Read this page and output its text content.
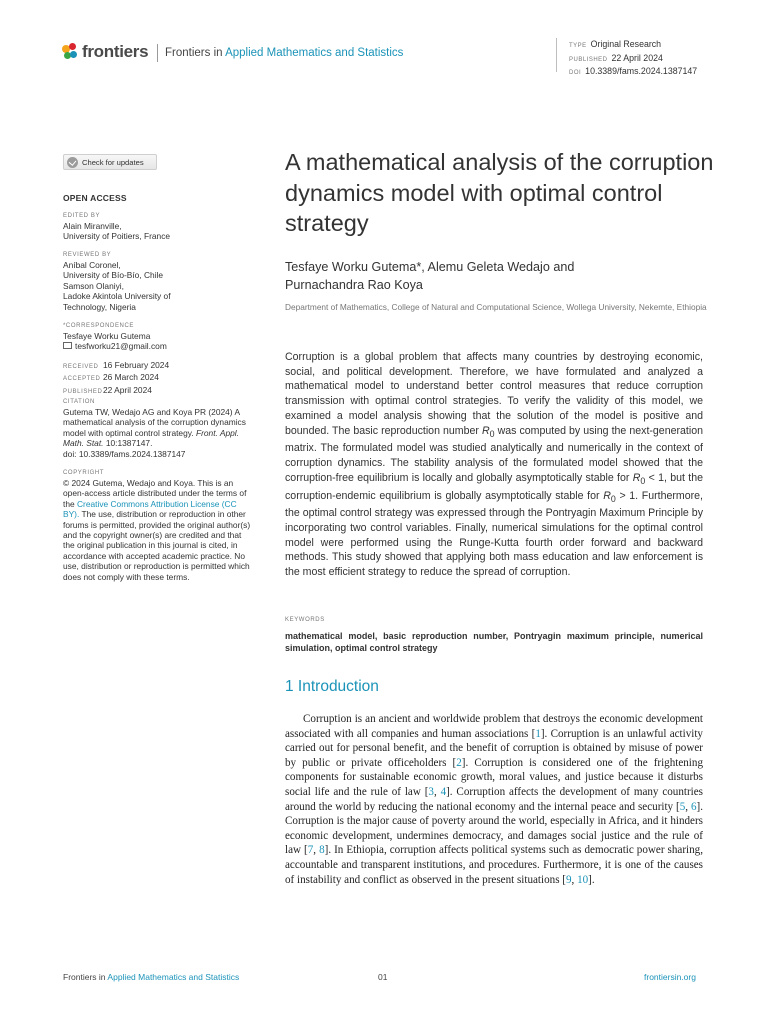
frontiers Frontiers in Applied Mathematics and Statistics
TYPE Original Research
PUBLISHED 22 April 2024
DOI 10.3389/fams.2024.1387147
Check for updates
OPEN ACCESS
EDITED BY
Alain Miranville,
University of Poitiers, France
REVIEWED BY
Aníbal Coronel,
University of Bío-Bío, Chile
Samson Olaniyi,
Ladoke Akintola University of
Technology, Nigeria
*CORRESPONDENCE
Tesfaye Worku Gutema
tesfworku21@gmail.com
RECEIVED 16 February 2024
ACCEPTED 26 March 2024
PUBLISHED22 April 2024
CITATION
Gutema TW, Wedajo AG and Koya PR (2024) A mathematical analysis of the corruption dynamics model with optimal control strategy. Front. Appl. Math. Stat. 10:1387147.
doi: 10.3389/fams.2024.1387147
COPYRIGHT
© 2024 Gutema, Wedajo and Koya. This is an open-access article distributed under the terms of the Creative Commons Attribution License (CC BY). The use, distribution or reproduction in other forums is permitted, provided the original author(s) and the copyright owner(s) are credited and that the original publication in this journal is cited, in accordance with accepted academic practice. No use, distribution or reproduction is permitted which does not comply with these terms.
A mathematical analysis of the corruption dynamics model with optimal control strategy
Tesfaye Worku Gutema*, Alemu Geleta Wedajo and
Purnachandra Rao Koya
Department of Mathematics, College of Natural and Computational Science, Wollega University, Nekemte, Ethiopia
Corruption is a global problem that affects many countries by destroying economic, social, and political development. Therefore, we have formulated and analyzed a mathematical model to understand better control measures that reduce corruption transmission with optimal control strategies. To verify the validity of this model, we examined a model analysis showing that the solution of the model is positive and bounded. The basic reproduction number $R_0$ was computed by using the next-generation matrix. The formulated model was studied analytically and numerically in the context of corruption dynamics. The stability analysis of the formulated model showed that the corruption-free equilibrium is locally and globally asymptotically stable for $R_0 < 1$, but the corruption-endemic equilibrium is globally asymptotically stable for $R_0 > 1$. Furthermore, the optimal control strategy was expressed through the Pontryagin Maximum Principle by incorporating two control variables. Finally, numerical simulations for the optimal control model were performed using the Runge-Kutta fourth order forward and backward methods. This study showed that applying both mass education and law enforcement is the most efficient strategy to reduce the spread of corruption.
KEYWORDS
mathematical model, basic reproduction number, Pontryagin maximum principle, numerical simulation, optimal control strategy
1 Introduction
Corruption is an ancient and worldwide problem that destroys the economic development associated with all companies and human associations [1]. Corruption is an unlawful activity carried out for personal benefit, and the benefit of corruption is obtained by misuse of power by public or private officeholders [2]. Corruption is considered one of the frightening components for sustainable economic growth, moral values, and justice because it disturbs social life and the rule of law [3, 4]. Corruption affects the development of many countries around the world by reducing the national economy and the internal peace and security [5, 6]. Corruption is the major cause of poverty around the world, especially in Africa, and it hinders economic development, undermines democracy, and damages social justice and the rule of law [7, 8]. In Ethiopia, corruption affects political systems such as democratic power sharing, accountable and transparent institutions, and procedures. Furthermore, it is one of the causes of instability and conflict as observed in the present situations [9, 10].
Frontiers in Applied Mathematics and Statistics	01	frontiersin.org
